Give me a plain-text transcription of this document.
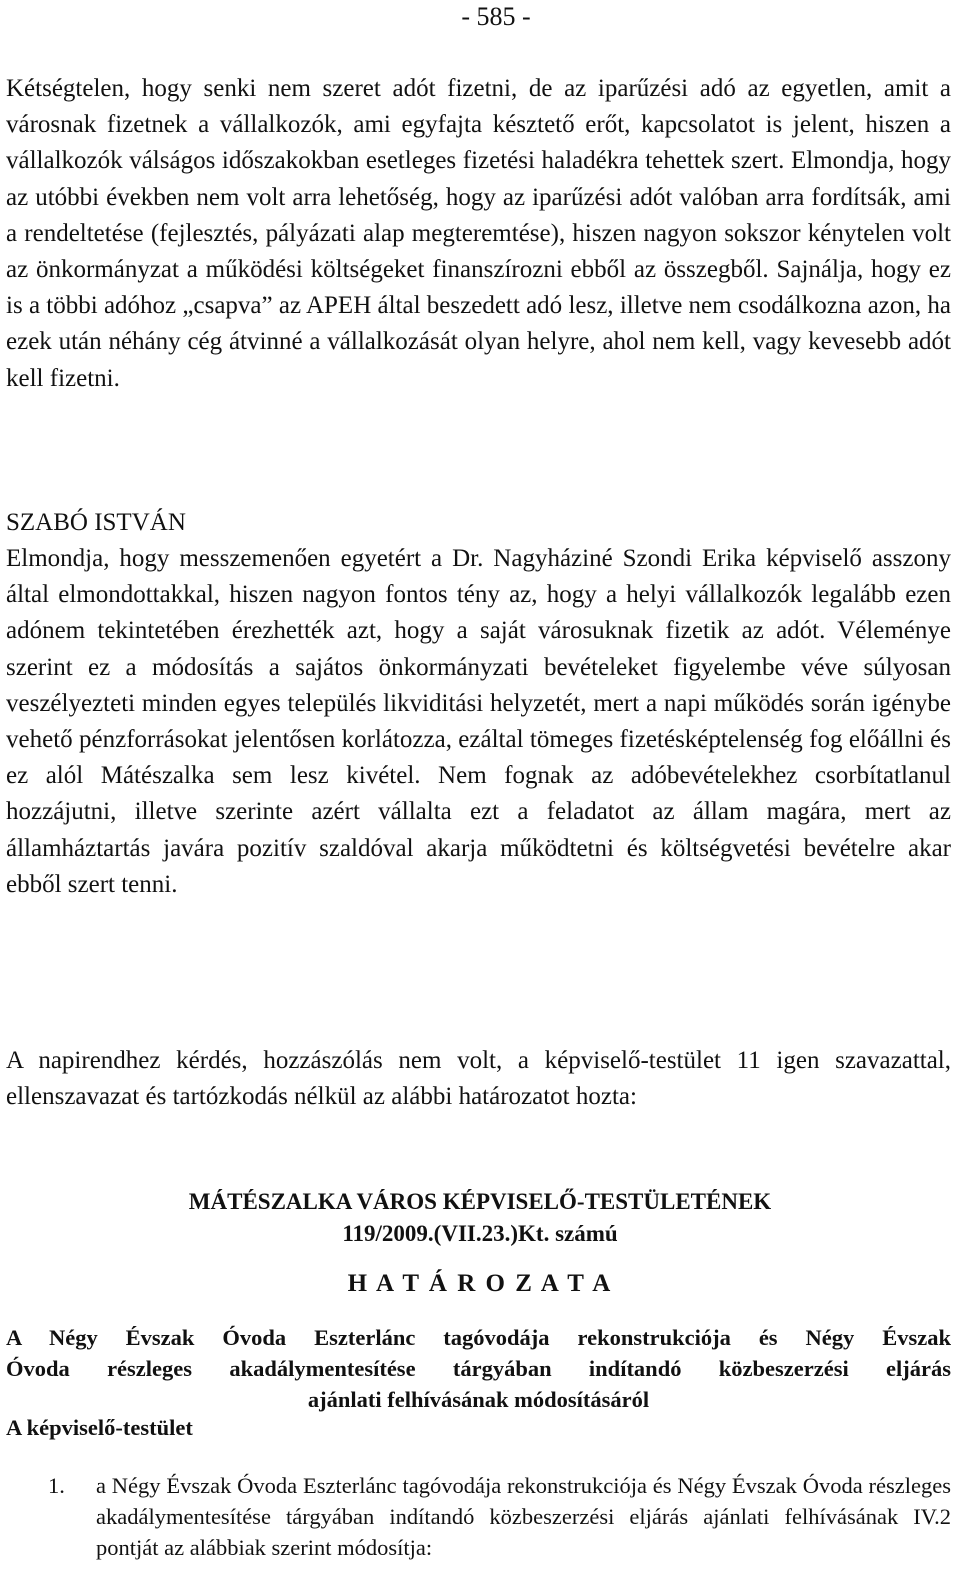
- 585 -

Kétségtelen, hogy senki nem szeret adót fizetni, de az iparűzési adó az egyetlen, amit a városnak fizetnek a vállalkozók, ami egyfajta késztető erőt, kapcsolatot is jelent, hiszen a vállalkozók válságos időszakokban esetleges fizetési haladékra tehettek szert. Elmondja, hogy az utóbbi években nem volt arra lehetőség, hogy az iparűzési adót valóban arra fordítsák, ami a rendeltetése (fejlesztés, pályázati alap megteremtése), hiszen nagyon sokszor kénytelen volt az önkormányzat a működési költségeket finanszírozni ebből az összegből. Sajnálja, hogy ez is a többi adóhoz „csapva” az APEH által beszedett adó lesz, illetve nem csodálkozna azon, ha ezek után néhány cég átvinné a vállalkozását olyan helyre, ahol nem kell, vagy kevesebb adót kell fizetni.

SZABÓ ISTVÁN

Elmondja, hogy messzemenően egyetért a Dr. Nagyháziné Szondi Erika képviselő asszony által elmondottakkal, hiszen nagyon fontos tény az, hogy a helyi vállalkozók legalább ezen adónem tekintetében érezhették azt, hogy a saját városuknak fizetik az adót. Véleménye szerint ez a módosítás a sajátos önkormányzati bevételeket figyelembe véve súlyosan veszélyezteti minden egyes település likviditási helyzetét, mert a napi működés során igénybe vehető pénzforrásokat jelentősen korlátozza, ezáltal tömeges fizetésképtelenség fog előállni és ez alól Mátészalka sem lesz kivétel. Nem fognak az adóbevételekhez csorbítatlanul hozzájutni, illetve szerinte azért vállalta ezt a feladatot az állam magára, mert az államháztartás javára pozitív szaldóval akarja működtetni és költségvetési bevételre akar ebből szert tenni.

A napirendhez kérdés, hozzászólás nem volt, a képviselő-testület 11 igen szavazattal, ellenszavazat és tartózkodás nélkül az alábbi határozatot hozta:

MÁTÉSZALKA VÁROS KÉPVISELŐ-TESTÜLETÉNEK

119/2009.(VII.23.)Kt. számú

H A T Á R O Z A T A

A Négy Évszak Óvoda Eszterlánc tagóvodája rekonstrukciója és Négy Évszak
Óvoda részleges akadálymentesítése tárgyában indítandó közbeszerzési eljárás
ajánlati felhívásának módosításáról

A képviselő-testület

1. a Négy Évszak Óvoda Eszterlánc tagóvodája rekonstrukciója és Négy Évszak Óvoda részleges akadálymentesítése tárgyában indítandó közbeszerzési eljárás ajánlati felhívásának IV.2 pontját az alábbiak szerint módosítja:
